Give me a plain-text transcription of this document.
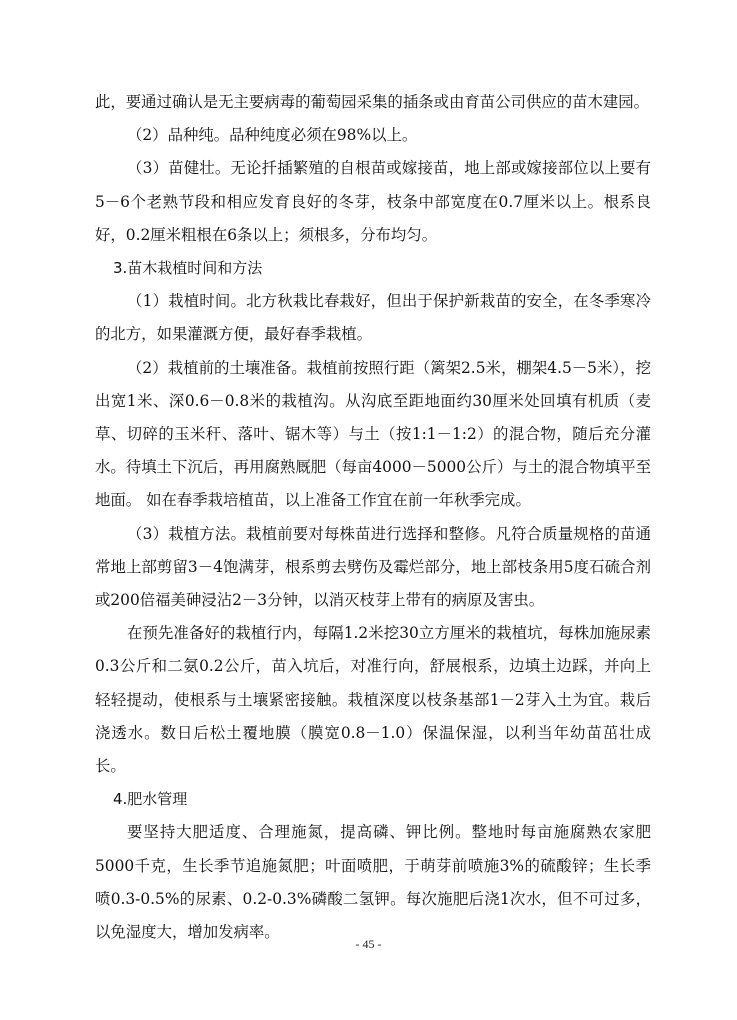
此，要通过确认是无主要病毒的葡萄园采集的插条或由育苗公司供应的苗木建园。

（2）品种纯。品种纯度必须在98%以上。

（3）苗健壮。无论扦插繁殖的自根苗或嫁接苗，地上部或嫁接部位以上要有5－6个老熟节段和相应发育良好的冬芽，枝条中部宽度在0.7厘米以上。根系良好，0.2厘米粗根在6条以上；须根多，分布均匀。

3.苗木栽植时间和方法

（1）栽植时间。北方秋栽比春栽好，但出于保护新栽苗的安全，在冬季寒冷的北方，如果灌溉方便，最好春季栽植。

（2）栽植前的土壤准备。栽植前按照行距（篱架2.5米，棚架4.5－5米），挖出宽1米、深0.6－0.8米的栽植沟。从沟底至距地面约30厘米处回填有机质（麦草、切碎的玉米秆、落叶、锯木等）与土（按1:1－1:2）的混合物，随后充分灌水。待填土下沉后，再用腐熟厩肥（每亩4000－5000公斤）与土的混合物填平至地面。 如在春季栽培植苗，以上准备工作宜在前一年秋季完成。

（3）栽植方法。栽植前要对每株苗进行选择和整修。凡符合质量规格的苗通常地上部剪留3－4饱满芽，根系剪去劈伤及霉烂部分，地上部枝条用5度石硫合剂或200倍福美砷浸沾2－3分钟，以消灭枝芽上带有的病原及害虫。

在预先准备好的栽植行内，每隔1.2米挖30立方厘米的栽植坑，每株加施尿素0.3公斤和二氨0.2公斤，苗入坑后，对准行向，舒展根系，边填土边踩，并向上轻轻提动，使根系与土壤紧密接触。栽植深度以枝条基部1－2芽入土为宜。栽后浇透水。数日后松土覆地膜（膜宽0.8－1.0）保温保湿，以利当年幼苗茁壮成长。

4.肥水管理

要坚持大肥适度、合理施氮，提高磷、钾比例。整地时每亩施腐熟农家肥5000千克，生长季节追施氮肥；叶面喷肥，于萌芽前喷施3%的硫酸锌；生长季喷0.3-0.5%的尿素、0.2-0.3%磷酸二氢钾。每次施肥后浇1次水，但不可过多，以免湿度大，增加发病率。

- 45 -
